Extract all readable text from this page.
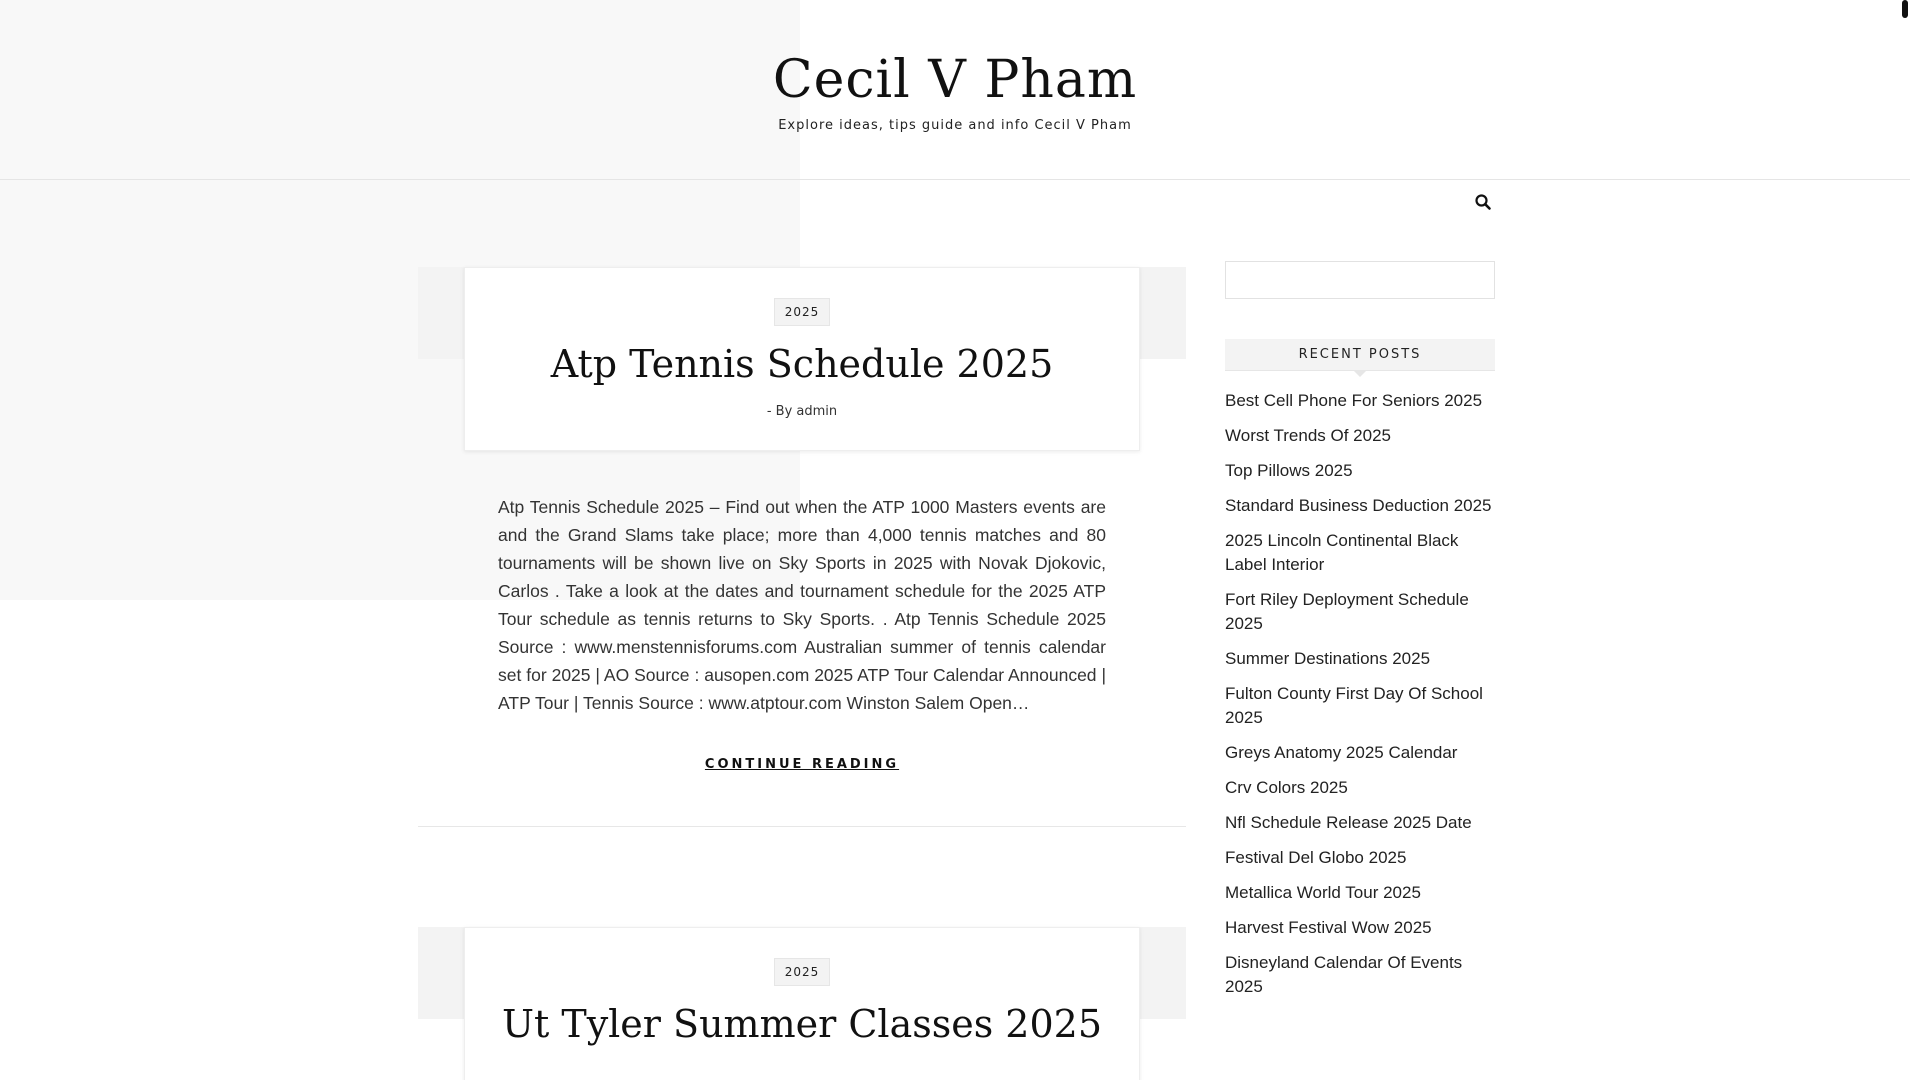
Cecil V Pham

Explore ideas, tips guide and info Cecil V Pham

2025
Atp Tennis Schedule 2025
- By admin

Atp Tennis Schedule 2025 – Find out when the ATP 1000 Masters events are and the Grand Slams take place; more than 4,000 tennis matches and 80 tournaments will be shown live on Sky Sports in 2025 with Novak Djokovic, Carlos . Take a look at the dates and tournament schedule for the 2025 ATP Tour schedule as tennis returns to Sky Sports. . Atp Tennis Schedule 2025 Source : www.menstennisforums.com Australian summer of tennis calendar set for 2025 | AO Source : ausopen.com 2025 ATP Tour Calendar Announced | ATP Tour | Tennis Source : www.atptour.com Winston Salem Open…

CONTINUE READING
2025
Ut Tyler Summer Classes 2025
RECENT POSTS
Best Cell Phone For Seniors 2025
Worst Trends Of 2025
Top Pillows 2025
Standard Business Deduction 2025
2025 Lincoln Continental Black Label Interior
Fort Riley Deployment Schedule 2025
Summer Destinations 2025
Fulton County First Day Of School 2025
Greys Anatomy 2025 Calendar
Crv Colors 2025
Nfl Schedule Release 2025 Date
Festival Del Globo 2025
Metallica World Tour 2025
Harvest Festival Wow 2025
Disneyland Calendar Of Events 2025
